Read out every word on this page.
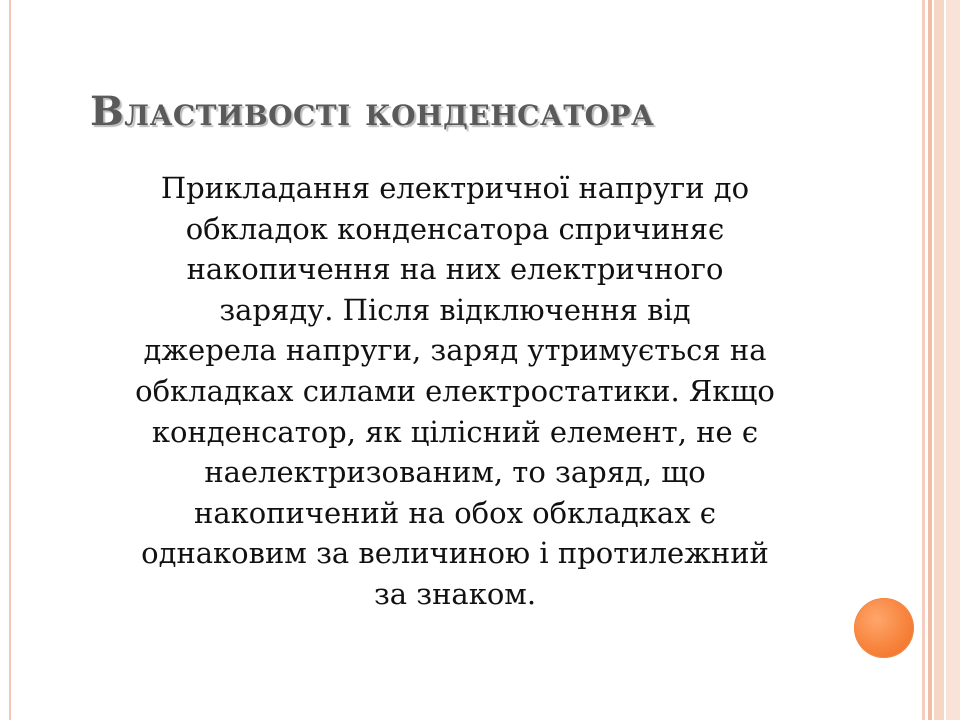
Властивості конденсатора

Прикладання електричної напруги до
обкладок конденсатора спричиняє
накопичення на них електричного
заряду. Після відключення від
джерела напруги, заряд утримується на
обкладках силами електростатики. Якщо
конденсатор, як цілісний елемент, не є
наелектризованим, то заряд, що
накопичений на обох обкладках є
однаковим за величиною і протилежний
за знаком.
